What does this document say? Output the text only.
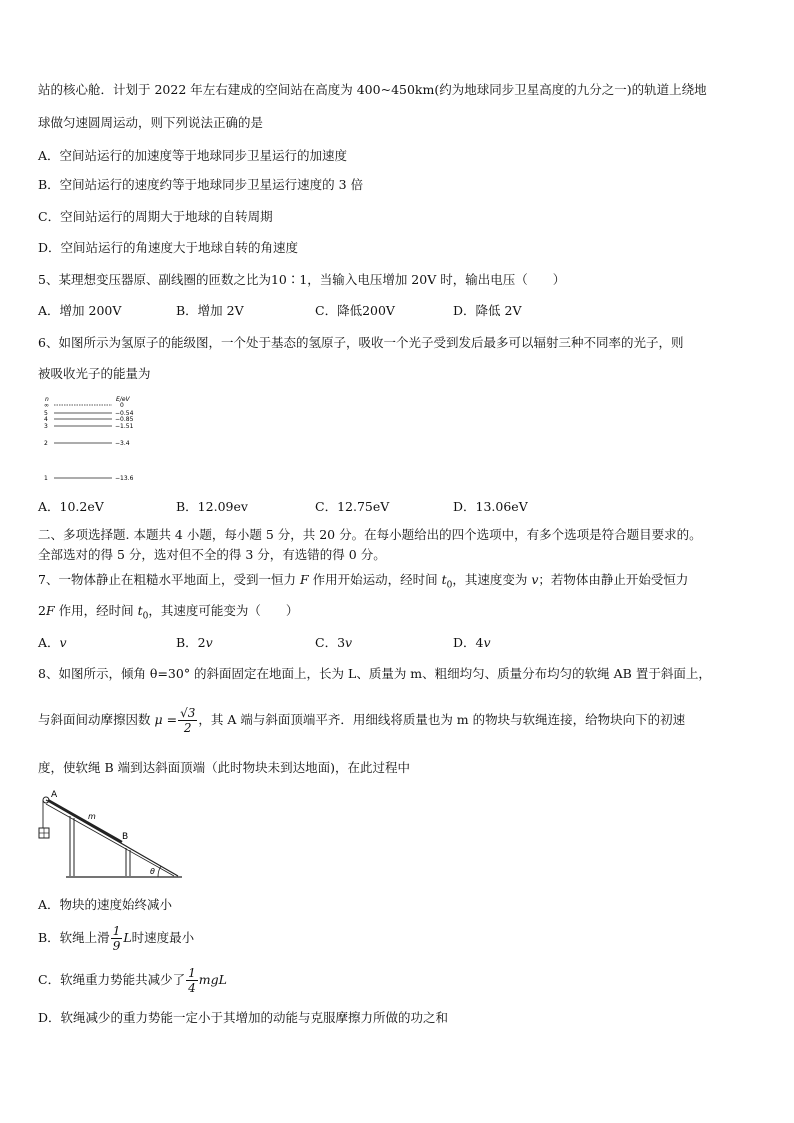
站的核心舱．计划于 2022 年左右建成的空间站在高度为 400~450km(约为地球同步卫星高度的九分之一)的轨道上绕地
球做匀速圆周运动，则下列说法正确的是
A．空间站运行的加速度等于地球同步卫星运行的加速度
B．空间站运行的速度约等于地球同步卫星运行速度的 3 倍
C．空间站运行的周期大于地球的自转周期
D．空间站运行的角速度大于地球自转的角速度
5、某理想变压器原、副线圈的匝数之比为10∶1，当输入电压增加 20V 时，输出电压（　　）
A．增加 200V	B．增加 2V	C．降低200V	D．降低 2V
6、如图所示为氢原子的能级图，一个处于基态的氢原子，吸收一个光子受到发后最多可以辐射三种不同率的光子，则
被吸收光子的能量为
n	E/eV
∞	0
5	−0.54
4	−0.85
3	−1.51
2	−3.4
1	−13.6
A．10.2eV	B．12.09ev	C．12.75eV	D．13.06eV
二、多项选择题. 本题共 4 小题，每小题 5 分，共 20 分。在每小题给出的四个选项中，有多个选项是符合题目要求的。
全部选对的得 5 分，选对但不全的得 3 分，有选错的得 0 分。
7、一物体静止在粗糙水平地面上，受到一恒力 F 作用开始运动，经时间 $t_0$，其速度变为 v；若物体由静止开始受恒力
2F 作用，经时间 $t_0$，其速度可能变为（　　）
A．v	B．2v	C．3v	D．4v
8、如图所示，倾角 θ=30° 的斜面固定在地面上，长为 L、质量为 m、粗细均匀、质量分布均匀的软绳 AB 置于斜面上，
与斜面间动摩擦因数 $\mu = \frac{√3}{2}$ ，其 A 端与斜面顶端平齐．用细线将质量也为 m 的物块与软绳连接，给物块向下的初速
度，使软绳 B 端到达斜面顶端（此时物块未到达地面)，在此过程中
A
m
B
θ
A．物块的速度始终减小
B．软绳上滑 $\frac{1}{9}$ L时速度最小
C．软绳重力势能共减少了 $\frac{1}{4}$ mgL
D．软绳减少的重力势能一定小于其增加的动能与克服摩擦力所做的功之和
